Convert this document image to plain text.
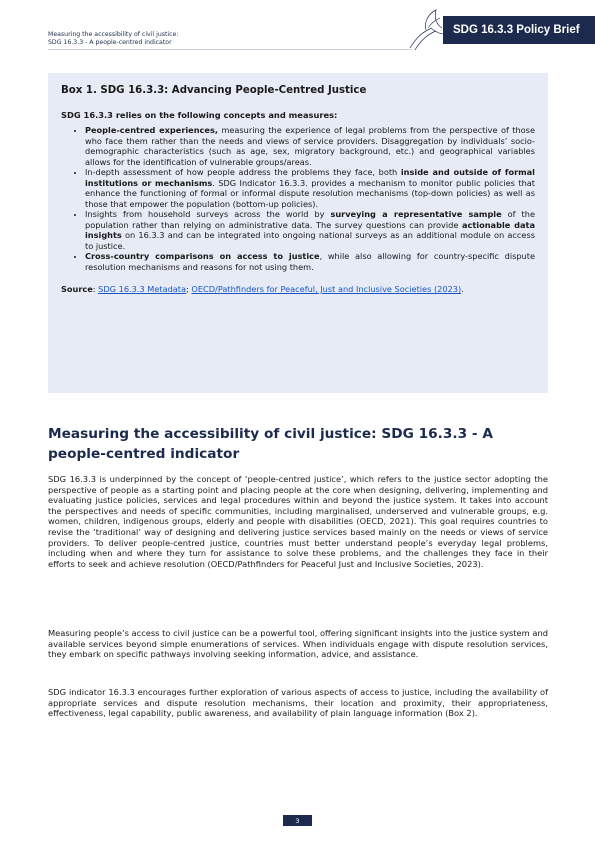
Measuring the accessibility of civil justice:
SDG 16.3.3 - A people-centred indicator
SDG 16.3.3 Policy Brief

Box 1. SDG 16.3.3: Advancing People-Centred Justice

SDG 16.3.3 relies on the following concepts and measures:

• People-centred experiences, measuring the experience of legal problems from the perspective of those who face them rather than the needs and views of service providers. Disaggregation by individuals’ socio-demographic characteristics (such as age, sex, migratory background, etc.) and geographical variables allows for the identification of vulnerable groups/areas.
• In-depth assessment of how people address the problems they face, both inside and outside of formal institutions or mechanisms. SDG Indicator 16.3.3. provides a mechanism to monitor public policies that enhance the functioning of formal or informal dispute resolution mechanisms (top-down policies) as well as those that empower the population (bottom-up policies).
• Insights from household surveys across the world by surveying a representative sample of the population rather than relying on administrative data. The survey questions can provide actionable data insights on 16.3.3 and can be integrated into ongoing national surveys as an additional module on access to justice.
• Cross-country comparisons on access to justice, while also allowing for country-specific dispute resolution mechanisms and reasons for not using them.

Source: SDG 16.3.3 Metadata; OECD/Pathfinders for Peaceful, Just and Inclusive Societies (2023).

Measuring the accessibility of civil justice: SDG 16.3.3 - A people-centred indicator

SDG 16.3.3 is underpinned by the concept of ‘people-centred justice’, which refers to the justice sector adopting the perspective of people as a starting point and placing people at the core when designing, delivering, implementing and evaluating justice policies, services and legal procedures within and beyond the justice system. It takes into account the perspectives and needs of specific communities, including marginalised, underserved and vulnerable groups, e.g. women, children, indigenous groups, elderly and people with disabilities (OECD, 2021). This goal requires countries to revise the ‘traditional’ way of designing and delivering justice services based mainly on the needs or views of service providers. To deliver people-centred justice, countries must better understand people’s everyday legal problems, including when and where they turn for assistance to solve these problems, and the challenges they face in their efforts to seek and achieve resolution (OECD/Pathfinders for Peaceful Just and Inclusive Societies, 2023).

Measuring people’s access to civil justice can be a powerful tool, offering significant insights into the justice system and available services beyond simple enumerations of services. When individuals engage with dispute resolution services, they embark on specific pathways involving seeking information, advice, and assistance.

SDG indicator 16.3.3 encourages further exploration of various aspects of access to justice, including the availability of appropriate services and dispute resolution mechanisms, their location and proximity, their appropriateness, effectiveness, legal capability, public awareness, and availability of plain language information (Box 2).

3
